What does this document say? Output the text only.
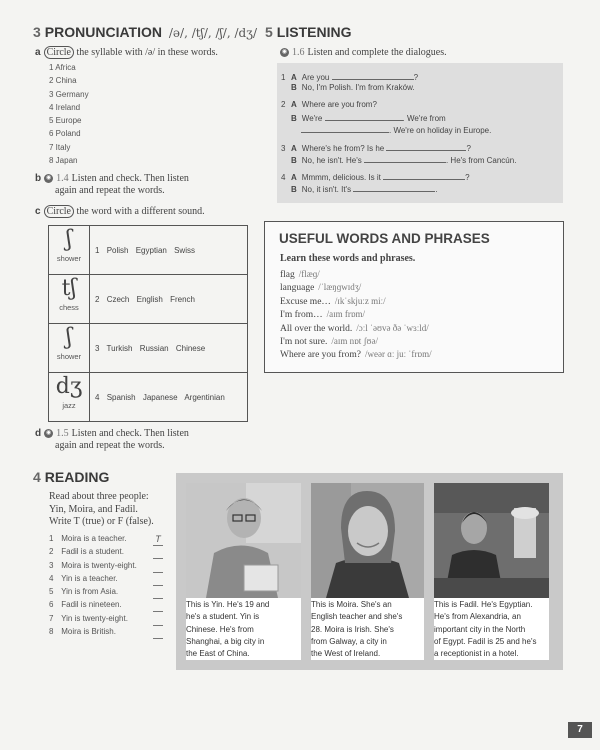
3 PRONUNCIATION /ə/, /tʃ/, /ʃ/, /dʒ/
a Circle the syllable with /ə/ in these words.
1 Africa
2 China
3 Germany
4 Ireland
5 Europe
6 Poland
7 Italy
8 Japan
b ◉ 1.4 Listen and check. Then listen
again and repeat the words.
c Circle the word with a different sound.
ʃ
shower	1 Polish Egyptian Swiss
tʃ
chess	2 Czech English French
ʃ
shower	3 Turkish Russian Chinese
dʒ
jazz	4 Spanish Japanese Argentinian
d ◉ 1.5 Listen and check. Then listen
again and repeat the words.
5 LISTENING
◉ 1.6 Listen and complete the dialogues.
1 A Are you	?
B No, I'm Polish. I'm from Kraków.
2 A Where are you from?
B We're	. We're from
. We're on holiday in Europe.
3 A Where's he from? Is he	?
B No, he isn't. He's	. He's from Cancún.
4 A Mmmm, delicious. Is it	?
B No, it isn't. It's	.
USEFUL WORDS AND PHRASES
Learn these words and phrases.
flag /flæɡ/
language /ˈlæŋɡwɪdʒ/
Excuse me… /ɪkˈskjuːz miː/
I'm from… /aɪm frɒm/
All over the world. /ɔːl ˈəʊvə ðə ˈwɜːld/
I'm not sure. /aɪm nɒt ʃʊə/
Where are you from? /weər ɑː juː ˈfrɒm/
4 READING
Read about three people:
Yin, Moira, and Fadil.
Write T (true) or F (false).
1 Moira is a teacher.	T
2 Fadil is a student.
3 Moira is twenty-eight.
4 Yin is a teacher.
5 Yin is from Asia.
6 Fadil is nineteen.
7 Yin is twenty-eight.
8 Moira is British.
This is Yin. He's 19 and
he's a student. Yin is
Chinese. He's from
Shanghai, a big city in
the East of China.
This is Moira. She's an
English teacher and she's
28. Moira is Irish. She's
from Galway, a city in
the West of Ireland.
This is Fadil. He's Egyptian.
He's from Alexandria, an
important city in the North
of Egypt. Fadil is 25 and he's
a receptionist in a hotel.
7
